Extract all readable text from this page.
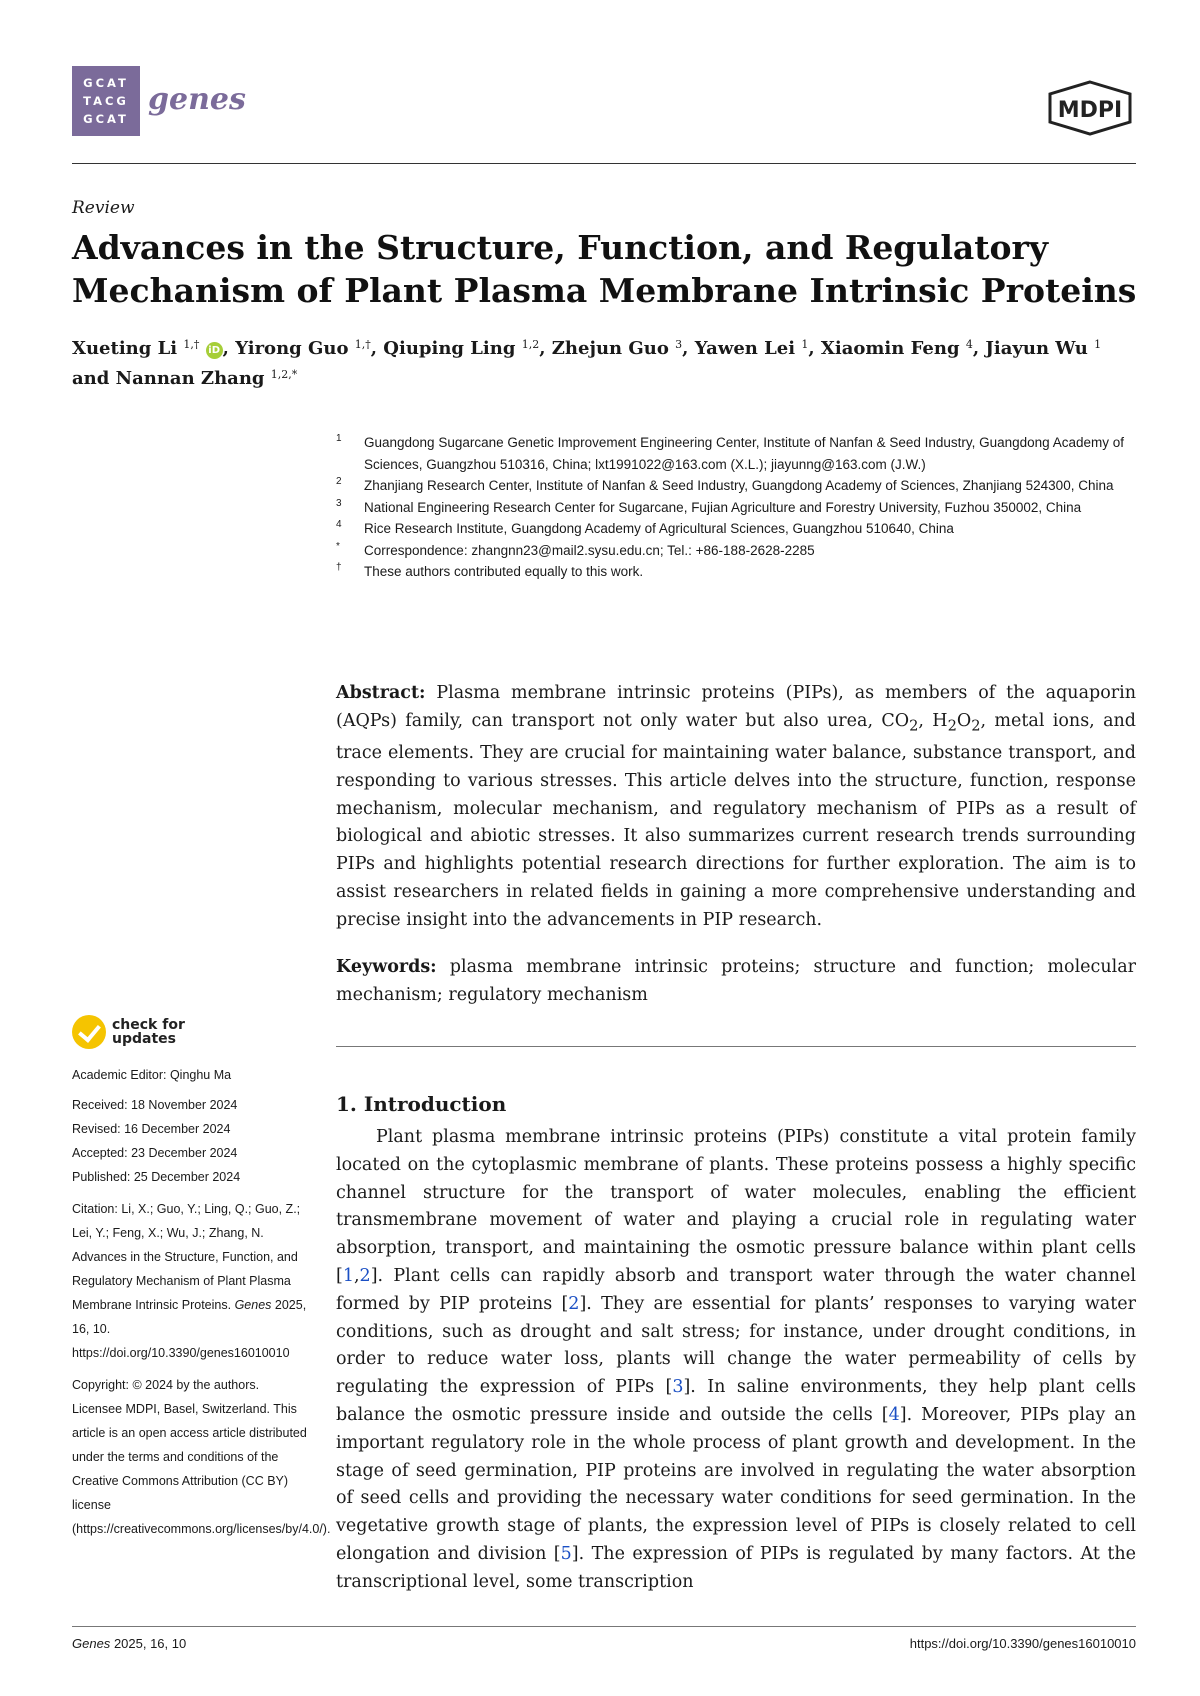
GCAT
TACG
GCAT
genes	MDPI
Review
Advances in the Structure, Function, and Regulatory Mechanism of Plant Plasma Membrane Intrinsic Proteins
Xueting Li $^{1,\dagger}$ iD , Yirong Guo $^{1,\dagger}$, Qiuping Ling $^{1,2}$, Zhejun Guo $^3$, Yawen Lei $^1$, Xiaomin Feng $^4$, Jiayun Wu $^1$
and Nannan Zhang $^{1,2,*}$
1 Guangdong Sugarcane Genetic Improvement Engineering Center, Institute of Nanfan & Seed Industry, Guangdong Academy of Sciences, Guangzhou 510316, China; lxt1991022@163.com (X.L.); jiayunng@163.com (J.W.)
2 Zhanjiang Research Center, Institute of Nanfan & Seed Industry, Guangdong Academy of Sciences, Zhanjiang 524300, China
3 National Engineering Research Center for Sugarcane, Fujian Agriculture and Forestry University, Fuzhou 350002, China
4 Rice Research Institute, Guangdong Academy of Agricultural Sciences, Guangzhou 510640, China
* Correspondence: zhangnn23@mail2.sysu.edu.cn; Tel.: +86-188-2628-2285
† These authors contributed equally to this work.
Abstract: Plasma membrane intrinsic proteins (PIPs), as members of the aquaporin (AQPs) family, can transport not only water but also urea, $CO_2$, $H_2O_2$, metal ions, and trace elements. They are crucial for maintaining water balance, substance transport, and responding to various stresses. This article delves into the structure, function, response mechanism, molecular mechanism, and regulatory mechanism of PIPs as a result of biological and abiotic stresses. It also summarizes current research trends surrounding PIPs and highlights potential research directions for further exploration. The aim is to assist researchers in related fields in gaining a more comprehensive understanding and precise insight into the advancements in PIP research.
Keywords: plasma membrane intrinsic proteins; structure and function; molecular mechanism; regulatory mechanism
check for
updates
Academic Editor: Qinghu Ma
Received: 18 November 2024
Revised: 16 December 2024
Accepted: 23 December 2024
Published: 25 December 2024
Citation: Li, X.; Guo, Y.; Ling, Q.; Guo, Z.; Lei, Y.; Feng, X.; Wu, J.; Zhang, N. Advances in the Structure, Function, and Regulatory Mechanism of Plant Plasma Membrane Intrinsic Proteins. Genes 2025, 16, 10. https://doi.org/10.3390/genes16010010
Copyright: © 2024 by the authors. Licensee MDPI, Basel, Switzerland. This article is an open access article distributed under the terms and conditions of the Creative Commons Attribution (CC BY) license (https://creativecommons.org/licenses/by/4.0/).
1. Introduction
Plant plasma membrane intrinsic proteins (PIPs) constitute a vital protein family located on the cytoplasmic membrane of plants. These proteins possess a highly specific channel structure for the transport of water molecules, enabling the efficient transmembrane movement of water and playing a crucial role in regulating water absorption, transport, and maintaining the osmotic pressure balance within plant cells [1,2]. Plant cells can rapidly absorb and transport water through the water channel formed by PIP proteins [2]. They are essential for plants’ responses to varying water conditions, such as drought and salt stress; for instance, under drought conditions, in order to reduce water loss, plants will change the water permeability of cells by regulating the expression of PIPs [3]. In saline environments, they help plant cells balance the osmotic pressure inside and outside the cells [4]. Moreover, PIPs play an important regulatory role in the whole process of plant growth and development. In the stage of seed germination, PIP proteins are involved in regulating the water absorption of seed cells and providing the necessary water conditions for seed germination. In the vegetative growth stage of plants, the expression level of PIPs is closely related to cell elongation and division [5]. The expression of PIPs is regulated by many factors. At the transcriptional level, some transcription
Genes 2025, 16, 10	https://doi.org/10.3390/genes16010010
